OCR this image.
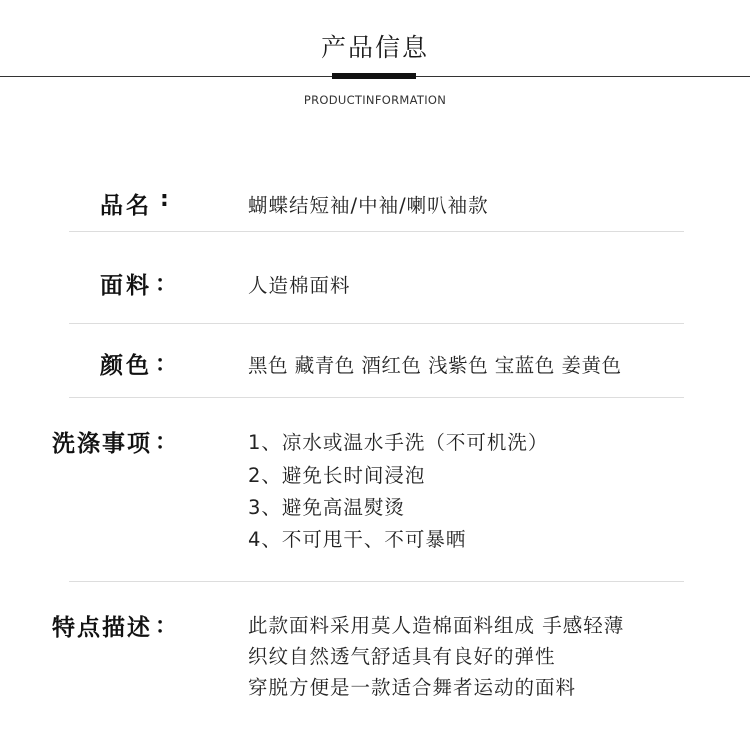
产品信息
PRODUCTINFORMATION
品名 :	蝴蝶结短袖/中袖/喇叭袖款
面料 ：	人造棉面料
颜色 ：	黑色 藏青色 酒红色 浅紫色 宝蓝色 姜黄色
洗涤事项 ：	1、凉水或温水手洗（不可机洗）
2、避免长时间浸泡
3、避免高温熨烫
4、不可甩干、不可暴晒
特点描述 ：	此款面料采用莫人造棉面料组成 手感轻薄
织纹自然透气舒适具有良好的弹性
穿脱方便是一款适合舞者运动的面料
